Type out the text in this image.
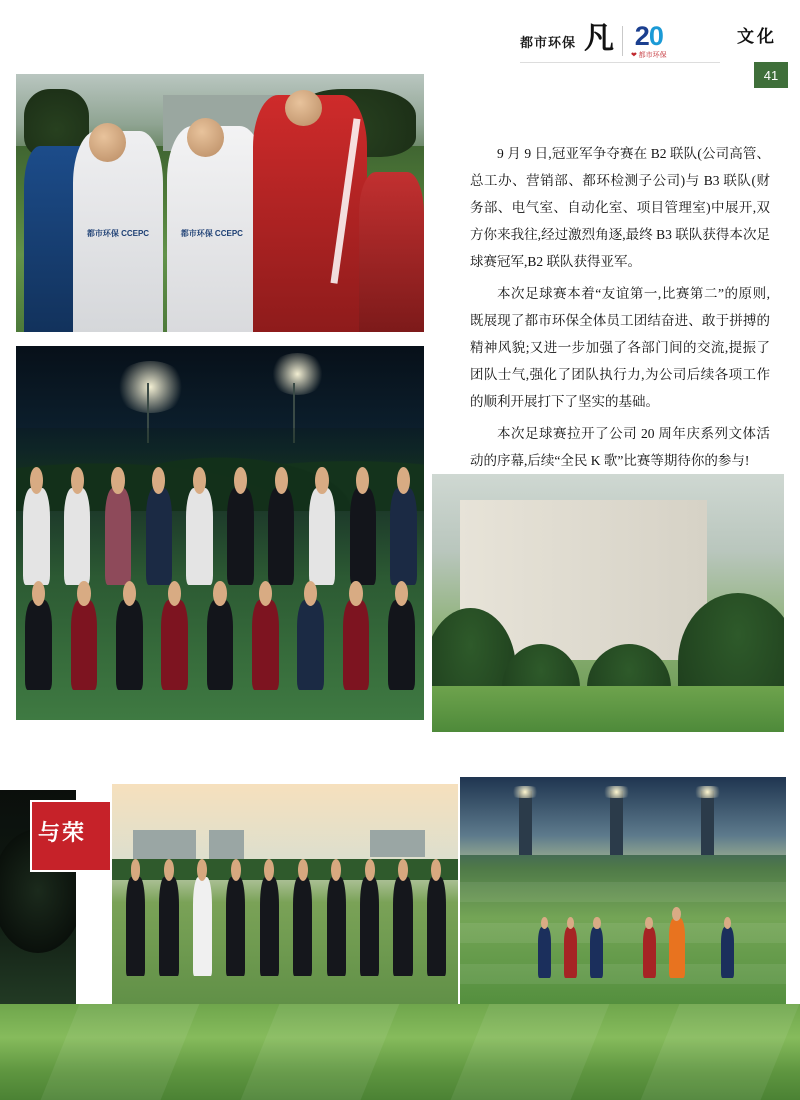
都市环保 凡 20
❤ 都市环保
文化
41

9 月 9 日,冠亚军争夺赛在 B2 联队(公司高管、总工办、营销部、都环检测子公司)与 B3 联队(财务部、电气室、自动化室、项目管理室)中展开,双方你来我往,经过激烈角逐,最终 B3 联队获得本次足球赛冠军,B2 联队获得亚军。

本次足球赛本着“友谊第一,比赛第二”的原则,既展现了都市环保全体员工团结奋进、敢于拼搏的精神风貌;又进一步加强了各部门间的交流,提振了团队士气,强化了团队执行力,为公司后续各项工作的顺利开展打下了坚实的基础。

本次足球赛拉开了公司 20 周年庆系列文体活动的序幕,后续“全民 K 歌”比赛等期待你的参与!

都市环保 CCEPC	都市环保 CCEPC
与荣
